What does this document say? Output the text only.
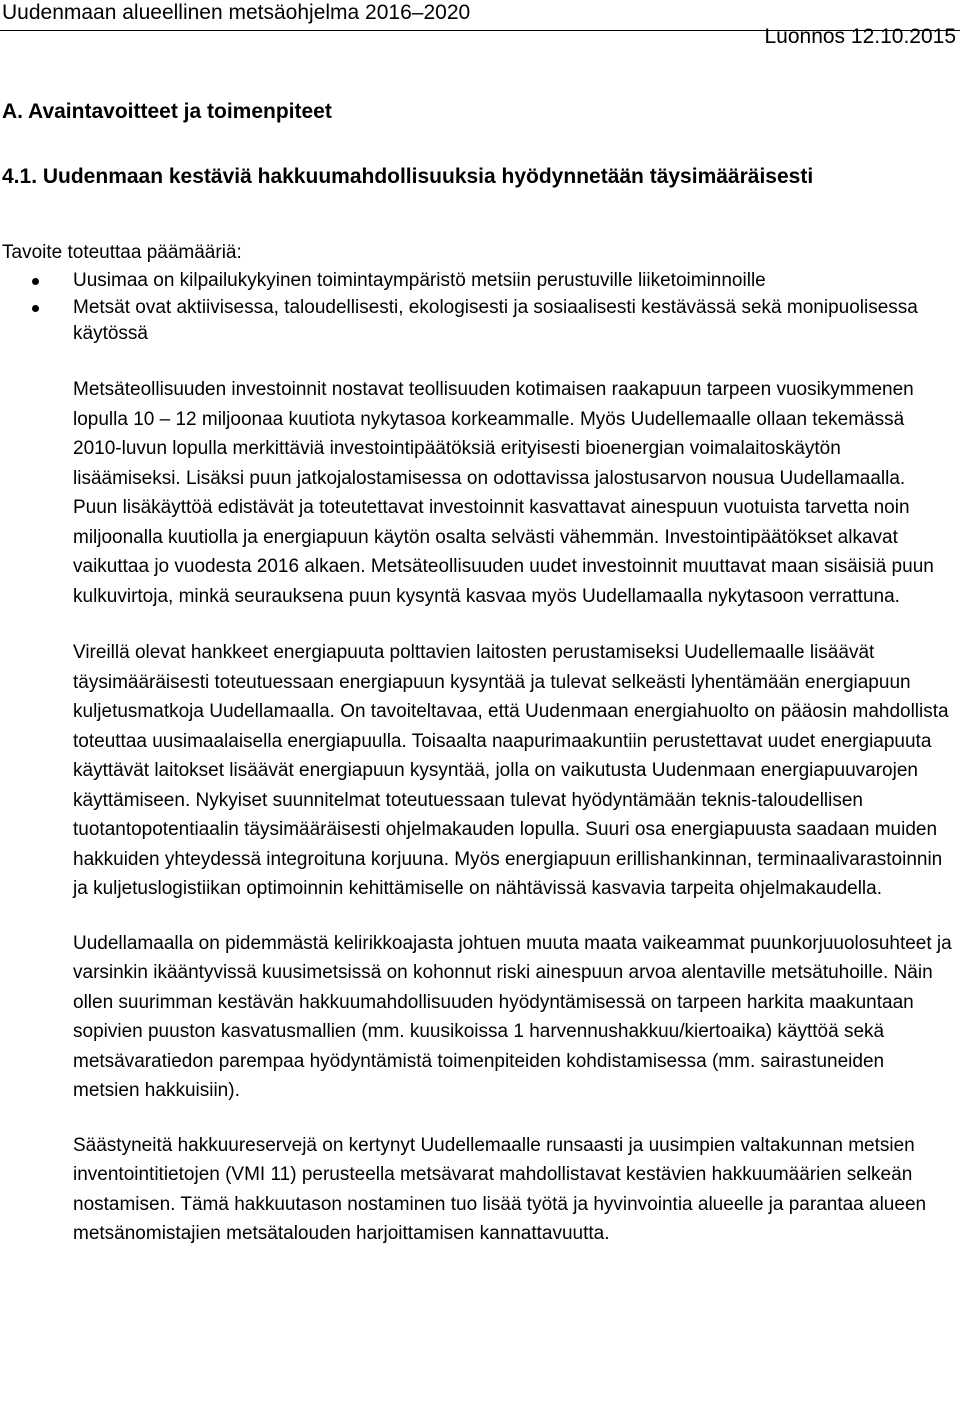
Uudenmaan alueellinen metsäohjelma 2016–2020
Luonnos 12.10.2015
A. Avaintavoitteet ja toimenpiteet
4.1. Uudenmaan kestäviä hakkuumahdollisuuksia hyödynnetään täysimääräisesti
Tavoite toteuttaa päämääriä:
Uusimaa on kilpailukykyinen toimintaympäristö metsiin perustuville liiketoiminnoille
Metsät ovat aktiivisessa, taloudellisesti, ekologisesti ja sosiaalisesti kestävässä sekä monipuolisessa käytössä

Metsäteollisuuden investoinnit nostavat teollisuuden kotimaisen raakapuun tarpeen vuosikymmenen lopulla 10 – 12 miljoonaa kuutiota nykytasoa korkeammalle. Myös Uudellemaalle ollaan tekemässä 2010-luvun lopulla merkittäviä investointipäätöksiä erityisesti bioenergian voimalaitoskäytön lisäämiseksi. Lisäksi puun jatkojalostamisessa on odottavissa jalostusarvon nousua Uudellamaalla. Puun lisäkäyttöä edistävät ja toteutettavat investoinnit kasvattavat ainespuun vuotuista tarvetta noin miljoonalla kuutiolla ja energiapuun käytön osalta selvästi vähemmän. Investointipäätökset alkavat vaikuttaa jo vuodesta 2016 alkaen. Metsäteollisuuden uudet investoinnit muuttavat maan sisäisiä puun kulkuvirtoja, minkä seurauksena puun kysyntä kasvaa myös Uudellamaalla nykytasoon verrattuna.

Vireillä olevat hankkeet energiapuuta polttavien laitosten perustamiseksi Uudellemaalle lisäävät täysimääräisesti toteutuessaan energiapuun kysyntää ja tulevat selkeästi lyhentämään energiapuun kuljetusmatkoja Uudellamaalla. On tavoiteltavaa, että Uudenmaan energiahuolto on pääosin mahdollista toteuttaa uusimaalaisella energiapuulla. Toisaalta naapurimaakuntiin perustettavat uudet energiapuuta käyttävät laitokset lisäävät energiapuun kysyntää, jolla on vaikutusta Uudenmaan energiapuuvarojen käyttämiseen. Nykyiset suunnitelmat toteutuessaan tulevat hyödyntämään teknis-taloudellisen tuotantopotentiaalin täysimääräisesti ohjelmakauden lopulla. Suuri osa energiapuusta saadaan muiden hakkuiden yhteydessä integroituna korjuuna. Myös energiapuun erillishankinnan, terminaalivarastoinnin ja kuljetuslogistiikan optimoinnin kehittämiselle on nähtävissä kasvavia tarpeita ohjelmakaudella.

Uudellamaalla on pidemmästä kelirikkoajasta johtuen muuta maata vaikeammat puunkorjuuolosuhteet ja varsinkin ikääntyvissä kuusimetsissä on kohonnut riski ainespuun arvoa alentaville metsätuhoille. Näin ollen suurimman kestävän hakkuumahdollisuuden hyödyntämisessä on tarpeen harkita maakuntaan sopivien puuston kasvatusmallien (mm. kuusikoissa 1 harvennushakkuu/kiertoaika) käyttöä sekä metsävaratiedon parempaa hyödyntämistä toimenpiteiden kohdistamisessa (mm. sairastuneiden metsien hakkuisiin).

Säästyneitä hakkuureservejä on kertynyt Uudellemaalle runsaasti ja uusimpien valtakunnan metsien inventointitietojen (VMI 11) perusteella metsävarat mahdollistavat kestävien hakkuumäärien selkeän nostamisen. Tämä hakkuutason nostaminen tuo lisää työtä ja hyvinvointia alueelle ja parantaa alueen metsänomistajien metsätalouden harjoittamisen kannattavuutta.
